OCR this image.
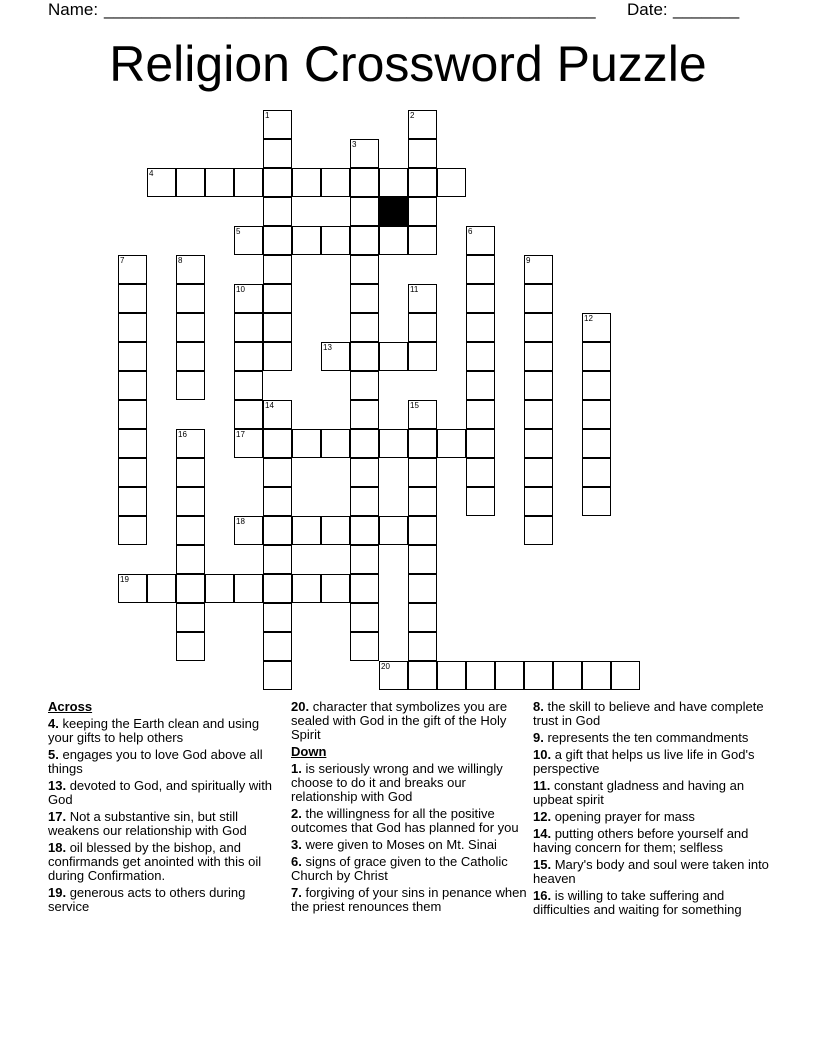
Name: ____________________________________________________ Date: _______
Religion Crossword Puzzle
1	2
3
4
5	6
7	8	9
10
17
11
12
13
14	15
16
18
19
20
Across
4. keeping the Earth clean and using your gifts to help others
5. engages you to love God above all things
13. devoted to God, and spiritually with God
17. Not a substantive sin, but still weakens our relationship with God
18. oil blessed by the bishop, and confirmands get anointed with this oil during Confirmation.
19. generous acts to others during service
20. character that symbolizes you are sealed with God in the gift of the Holy Spirit
Down
1. is seriously wrong and we willingly choose to do it and breaks our relationship with God
2. the willingness for all the positive outcomes that God has planned for you
3. were given to Moses on Mt. Sinai
6. signs of grace given to the Catholic Church by Christ
7. forgiving of your sins in penance when the priest renounces them
8. the skill to believe and have complete trust in God
9. represents the ten commandments
10. a gift that helps us live life in God's perspective
11. constant gladness and having an upbeat spirit
12. opening prayer for mass
14. putting others before yourself and having concern for them; selfless
15. Mary's body and soul were taken into heaven
16. is willing to take suffering and difficulties and waiting for something
